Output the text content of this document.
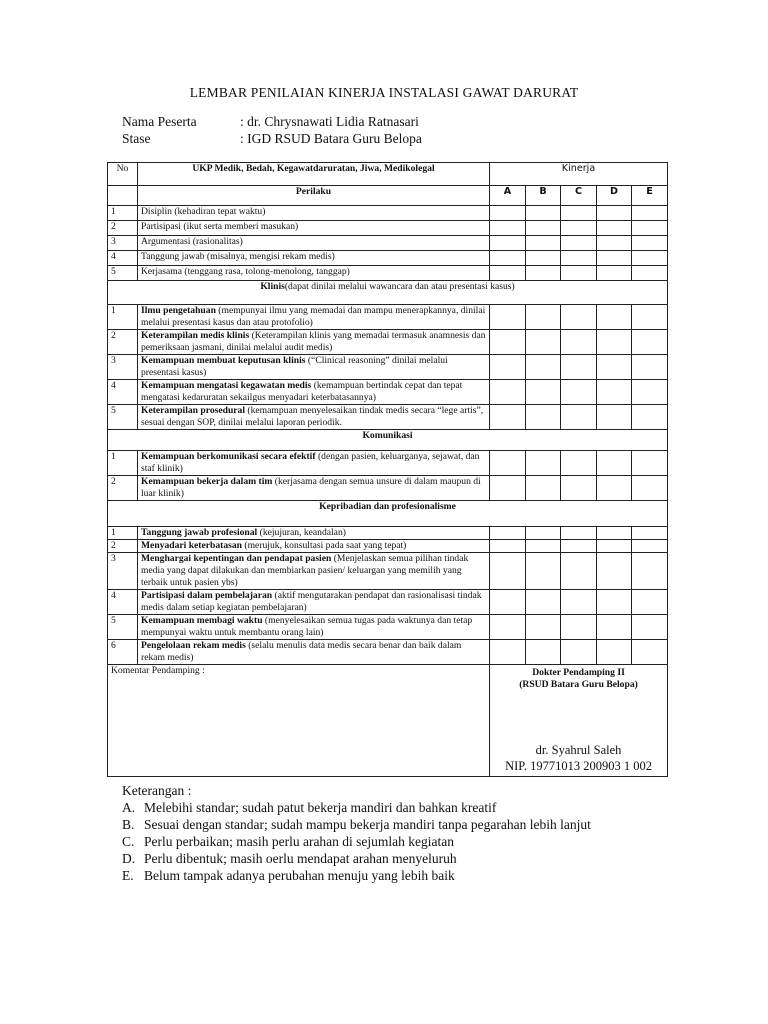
LEMBAR PENILAIAN KINERJA INSTALASI GAWAT DARURAT
Nama Peserta	: dr. Chrysnawati Lidia Ratnasari
Stase	: IGD RSUD Batara Guru Belopa
No	UKP Medik, Bedah, Kegawatdaruratan, Jiwa, Medikolegal	Kinerja				
	Perilaku	A	B	C	D	E
1	Disiplin (kehadiran tepat waktu)					
2	Partisipasi (ikut serta memberi masukan)					
3	Argumentasi (rasionalitas)					
4	Tanggung jawab (misalnya, mengisi rekam medis)					
5	Kerjasama (tenggang rasa, tolong-menolong, tanggap)					
Klinis(dapat dinilai melalui wawancara dan atau presentasi kasus)						
1	Ilmu pengetahuan (mempunyai ilmu yang memadai dan mampu menerapkannya, dinilai melalui presentasi kasus dan atau protofolio)					
2	Keterampilan medis klinis (Keterampilan klinis yang memadai termasuk anamnesis dan pemeriksaan jasmani, dinilai melalui audit medis)					
3	Kemampuan membuat keputusan klinis (“Clinical reasoning” dinilai melalui presentasi kasus)					
4	Kemampuan mengatasi kegawatan medis (kemampuan bertindak cepat dan tepat mengatasi kedaruratan sekailgus menyadari keterbatasannya)					
5	Keterampilan prosedural (kemampuan menyelesaikan tindak medis secara “lege artis”, sesuai dengan SOP, dinilai melalui laporan periodik.					
Komunikasi						
1	Kemampuan berkomunikasi secara efektif (dengan pasien, keluarganya, sejawat, dan staf klinik)					
2	Kemampuan bekerja dalam tim (kerjasama dengan semua unsure di dalam maupun di luar klinik)					
Kepribadian dan profesionalisme						
1	Tanggung jawab profesional (kejujuran, keandalan)					
2	Menyadari keterbatasan (merujuk, konsultasi pada saat yang tepat)					
3	Menghargai kepentingan dan pendapat pasien (Menjelaskan semua pilihan tindak media yang dapat dilakukan dan membiarkan pasien/ keluargan yang memilih yang terbaik untuk pasien ybs)					
4	Partisipasi dalam pembelajaran (aktif mengutarakan pendapat dan rasionalisasi tindak medis dalam setiap kegiatan pembelajaran)					
5	Kemampuan membagi waktu (menyelesaikan semua tugas pada waktunya dan tetap mempunyai waktu untuk membantu orang lain)					
6	Pengelolaan rekam medis (selalu menulis data medis secara benar dan baik dalam rekam medis)					
Komentar Pendamping :		Dokter Pendamping II
(RSUD Batara Guru Belopa)
dr. Syahrul Saleh
NIP. 19771013 200903 1 002				
Keterangan :
A. Melebihi standar; sudah patut bekerja mandiri dan bahkan kreatif
B. Sesuai dengan standar; sudah mampu bekerja mandiri tanpa pegarahan lebih lanjut
C. Perlu perbaikan; masih perlu arahan di sejumlah kegiatan
D. Perlu dibentuk; masih oerlu mendapat arahan menyeluruh
E. Belum tampak adanya perubahan menuju yang lebih baik
